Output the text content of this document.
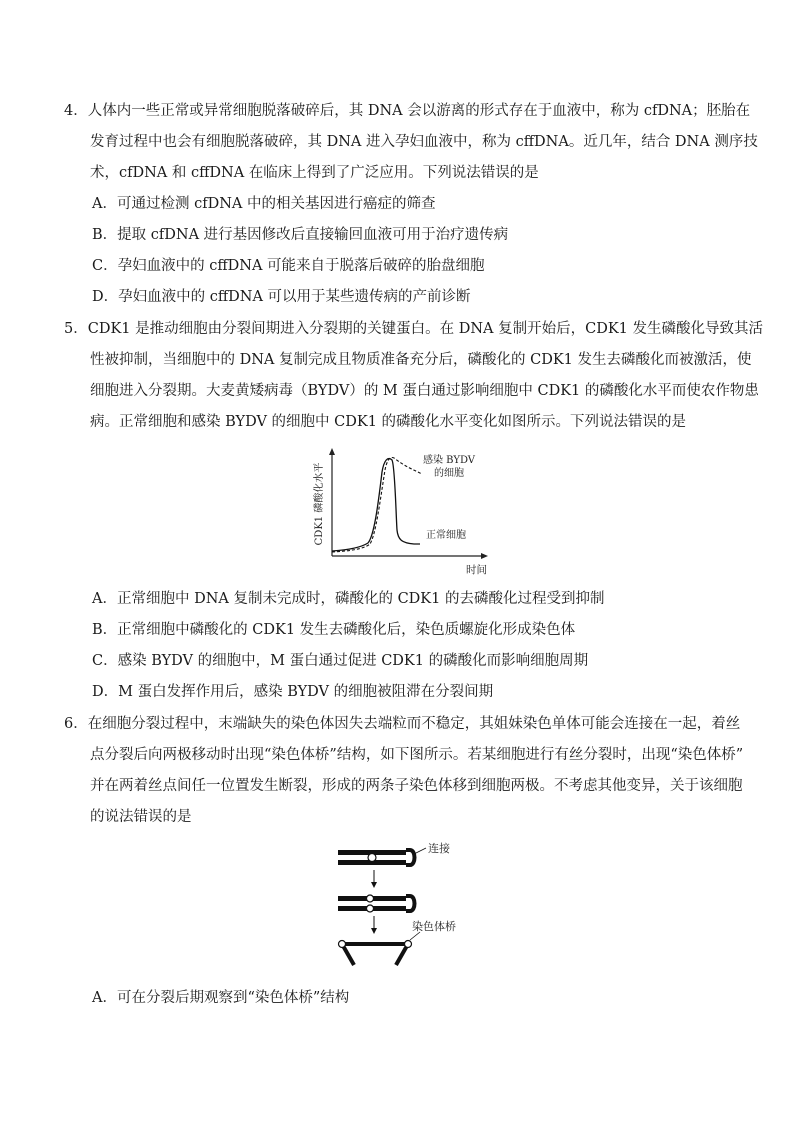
4．人体内一些正常或异常细胞脱落破碎后，其 DNA 会以游离的形式存在于血液中，称为 cfDNA；胚胎在
发育过程中也会有细胞脱落破碎，其 DNA 进入孕妇血液中，称为 cffDNA。近几年，结合 DNA 测序技
术，cfDNA 和 cffDNA 在临床上得到了广泛应用。下列说法错误的是
A．可通过检测 cfDNA 中的相关基因进行癌症的筛查
B．提取 cfDNA 进行基因修改后直接输回血液可用于治疗遗传病
C．孕妇血液中的 cffDNA 可能来自于脱落后破碎的胎盘细胞
D．孕妇血液中的 cffDNA 可以用于某些遗传病的产前诊断
5．CDK1 是推动细胞由分裂间期进入分裂期的关键蛋白。在 DNA 复制开始后，CDK1 发生磷酸化导致其活
性被抑制，当细胞中的 DNA 复制完成且物质准备充分后，磷酸化的 CDK1 发生去磷酸化而被激活，使
细胞进入分裂期。大麦黄矮病毒（BYDV）的 M 蛋白通过影响细胞中 CDK1 的磷酸化水平而使农作物患
病。正常细胞和感染 BYDV 的细胞中 CDK1 的磷酸化水平变化如图所示。下列说法错误的是
CDK1 磷酸化水平
时间
感染 BYDV
的细胞
正常细胞
A．正常细胞中 DNA 复制未完成时，磷酸化的 CDK1 的去磷酸化过程受到抑制
B．正常细胞中磷酸化的 CDK1 发生去磷酸化后，染色质螺旋化形成染色体
C．感染 BYDV 的细胞中，M 蛋白通过促进 CDK1 的磷酸化而影响细胞周期
D．M 蛋白发挥作用后，感染 BYDV 的细胞被阻滞在分裂间期
6．在细胞分裂过程中，末端缺失的染色体因失去端粒而不稳定，其姐妹染色单体可能会连接在一起，着丝
点分裂后向两极移动时出现“染色体桥”结构，如下图所示。若某细胞进行有丝分裂时，出现“染色体桥”
并在两着丝点间任一位置发生断裂，形成的两条子染色体移到细胞两极。不考虑其他变异，关于该细胞
的说法错误的是
连接
染色体桥
A．可在分裂后期观察到“染色体桥”结构
